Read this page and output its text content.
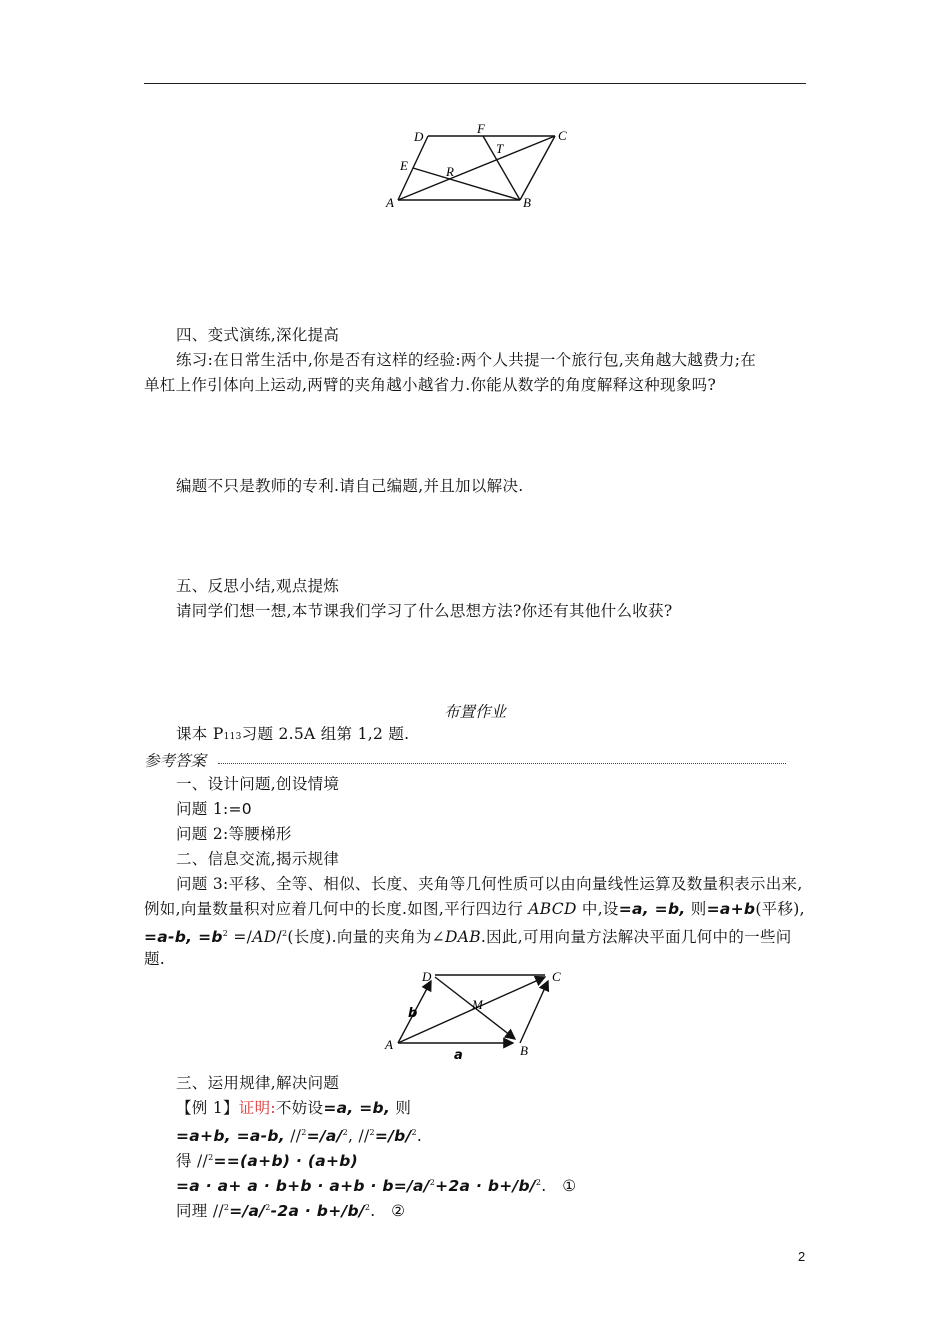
A	B
C
D
E
F
R
T
四、变式演练,深化提高
练习:在日常生活中,你是否有这样的经验:两个人共提一个旅行包,夹角越大越费力;在
单杠上作引体向上运动,两臂的夹角越小越省力.你能从数学的角度解释这种现象吗?
编题不只是教师的专利.请自己编题,并且加以解决.
五、反思小结,观点提炼
请同学们想一想,本节课我们学习了什么思想方法?你还有其他什么收获?
布置作业
课本 P113习题 2.5A 组第 1,2 题.
参考答案
一、设计问题,创设情境
问题 1:=0
问题 2:等腰梯形
二、信息交流,揭示规律
问题 3:平移、全等、相似、长度、夹角等几何性质可以由向量线性运算及数量积表示出来,
例如,向量数量积对应着几何中的长度.如图,平行四边行 ABCD 中,设=a, =b, 则=a+b(平移),
=a-b, $=b^2 =/AD/^2$(长度).向量的夹角为∠DAB.因此,可用向量方法解决平面几何中的一些问
题.
A	B
C
D
M
a
b
三、运用规律,解决问题
【例 1】证明:不妨设=a, =b, 则
=a+b, =a-b, //$^2$=/a/$^2$, //$^2$=/b/$^2$.
得 //$^2$==(a+b) · (a+b)
=a · a+ a · b+b · a+b · b=/a/$^2$+2a · b+/b/$^2$.   ①
同理 //$^2$=/a/$^2$-2a · b+/b/$^2$.   ②
2
